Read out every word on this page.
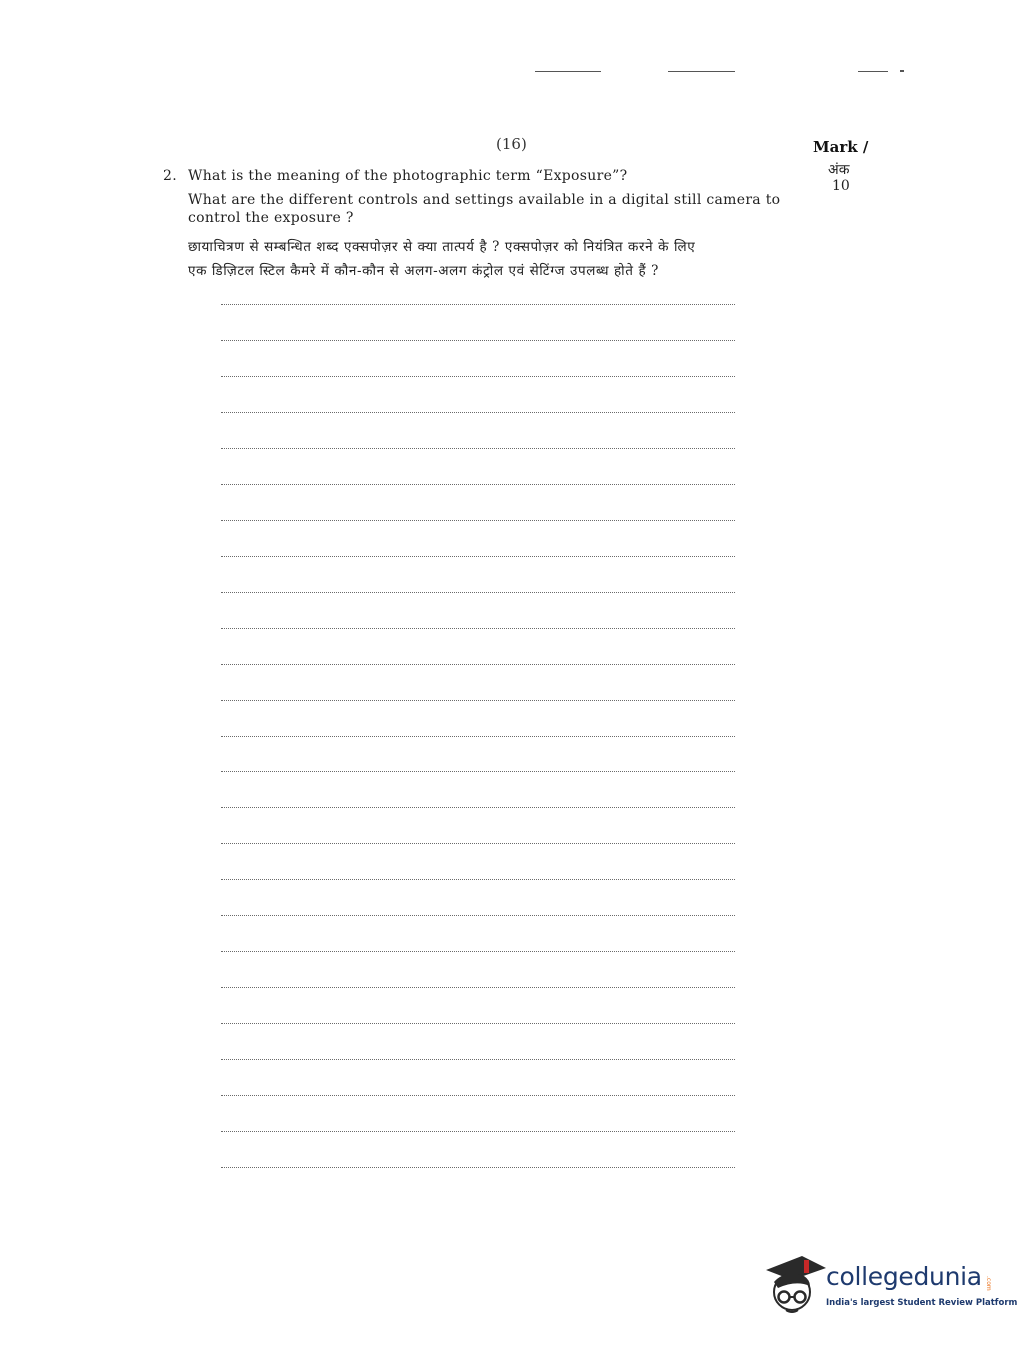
(16)	Mark /
अंक
10
2. What is the meaning of the photographic term “Exposure”?
What are the different controls and settings available in a digital still camera to
control the exposure ?
छायाचित्रण से सम्बन्धित शब्द एक्सपोज़र से क्या तात्पर्य है ? एक्सपोज़र को नियंत्रित करने के लिए
एक डिज़िटल स्टिल कैमरे में कौन-कौन से अलग-अलग कंट्रोल एवं सेटिंग्ज उपलब्ध होते हैं ?
collegedunia .com
India's largest Student Review Platform
